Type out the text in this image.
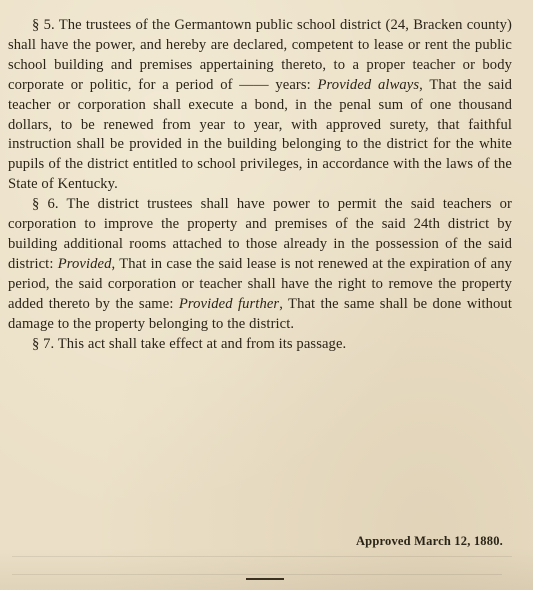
§ 5. The trustees of the Germantown public school district (24, Bracken county) shall have the power, and hereby are declared, competent to lease or rent the public school building and premises appertaining thereto, to a proper teacher or body corporate or politic, for a period of —— years: Provided always, That the said teacher or corporation shall execute a bond, in the penal sum of one thousand dollars, to be renewed from year to year, with approved surety, that faithful instruction shall be provided in the building belonging to the district for the white pupils of the district entitled to school privileges, in accordance with the laws of the State of Kentucky.

§ 6. The district trustees shall have power to permit the said teachers or corporation to improve the property and premises of the said 24th district by building additional rooms attached to those already in the possession of the said district: Provided, That in case the said lease is not renewed at the expiration of any period, the said corporation or teacher shall have the right to remove the property added thereto by the same: Provided further, That the same shall be done without damage to the property belonging to the district.

§ 7. This act shall take effect at and from its passage.

Approved March 12, 1880.
